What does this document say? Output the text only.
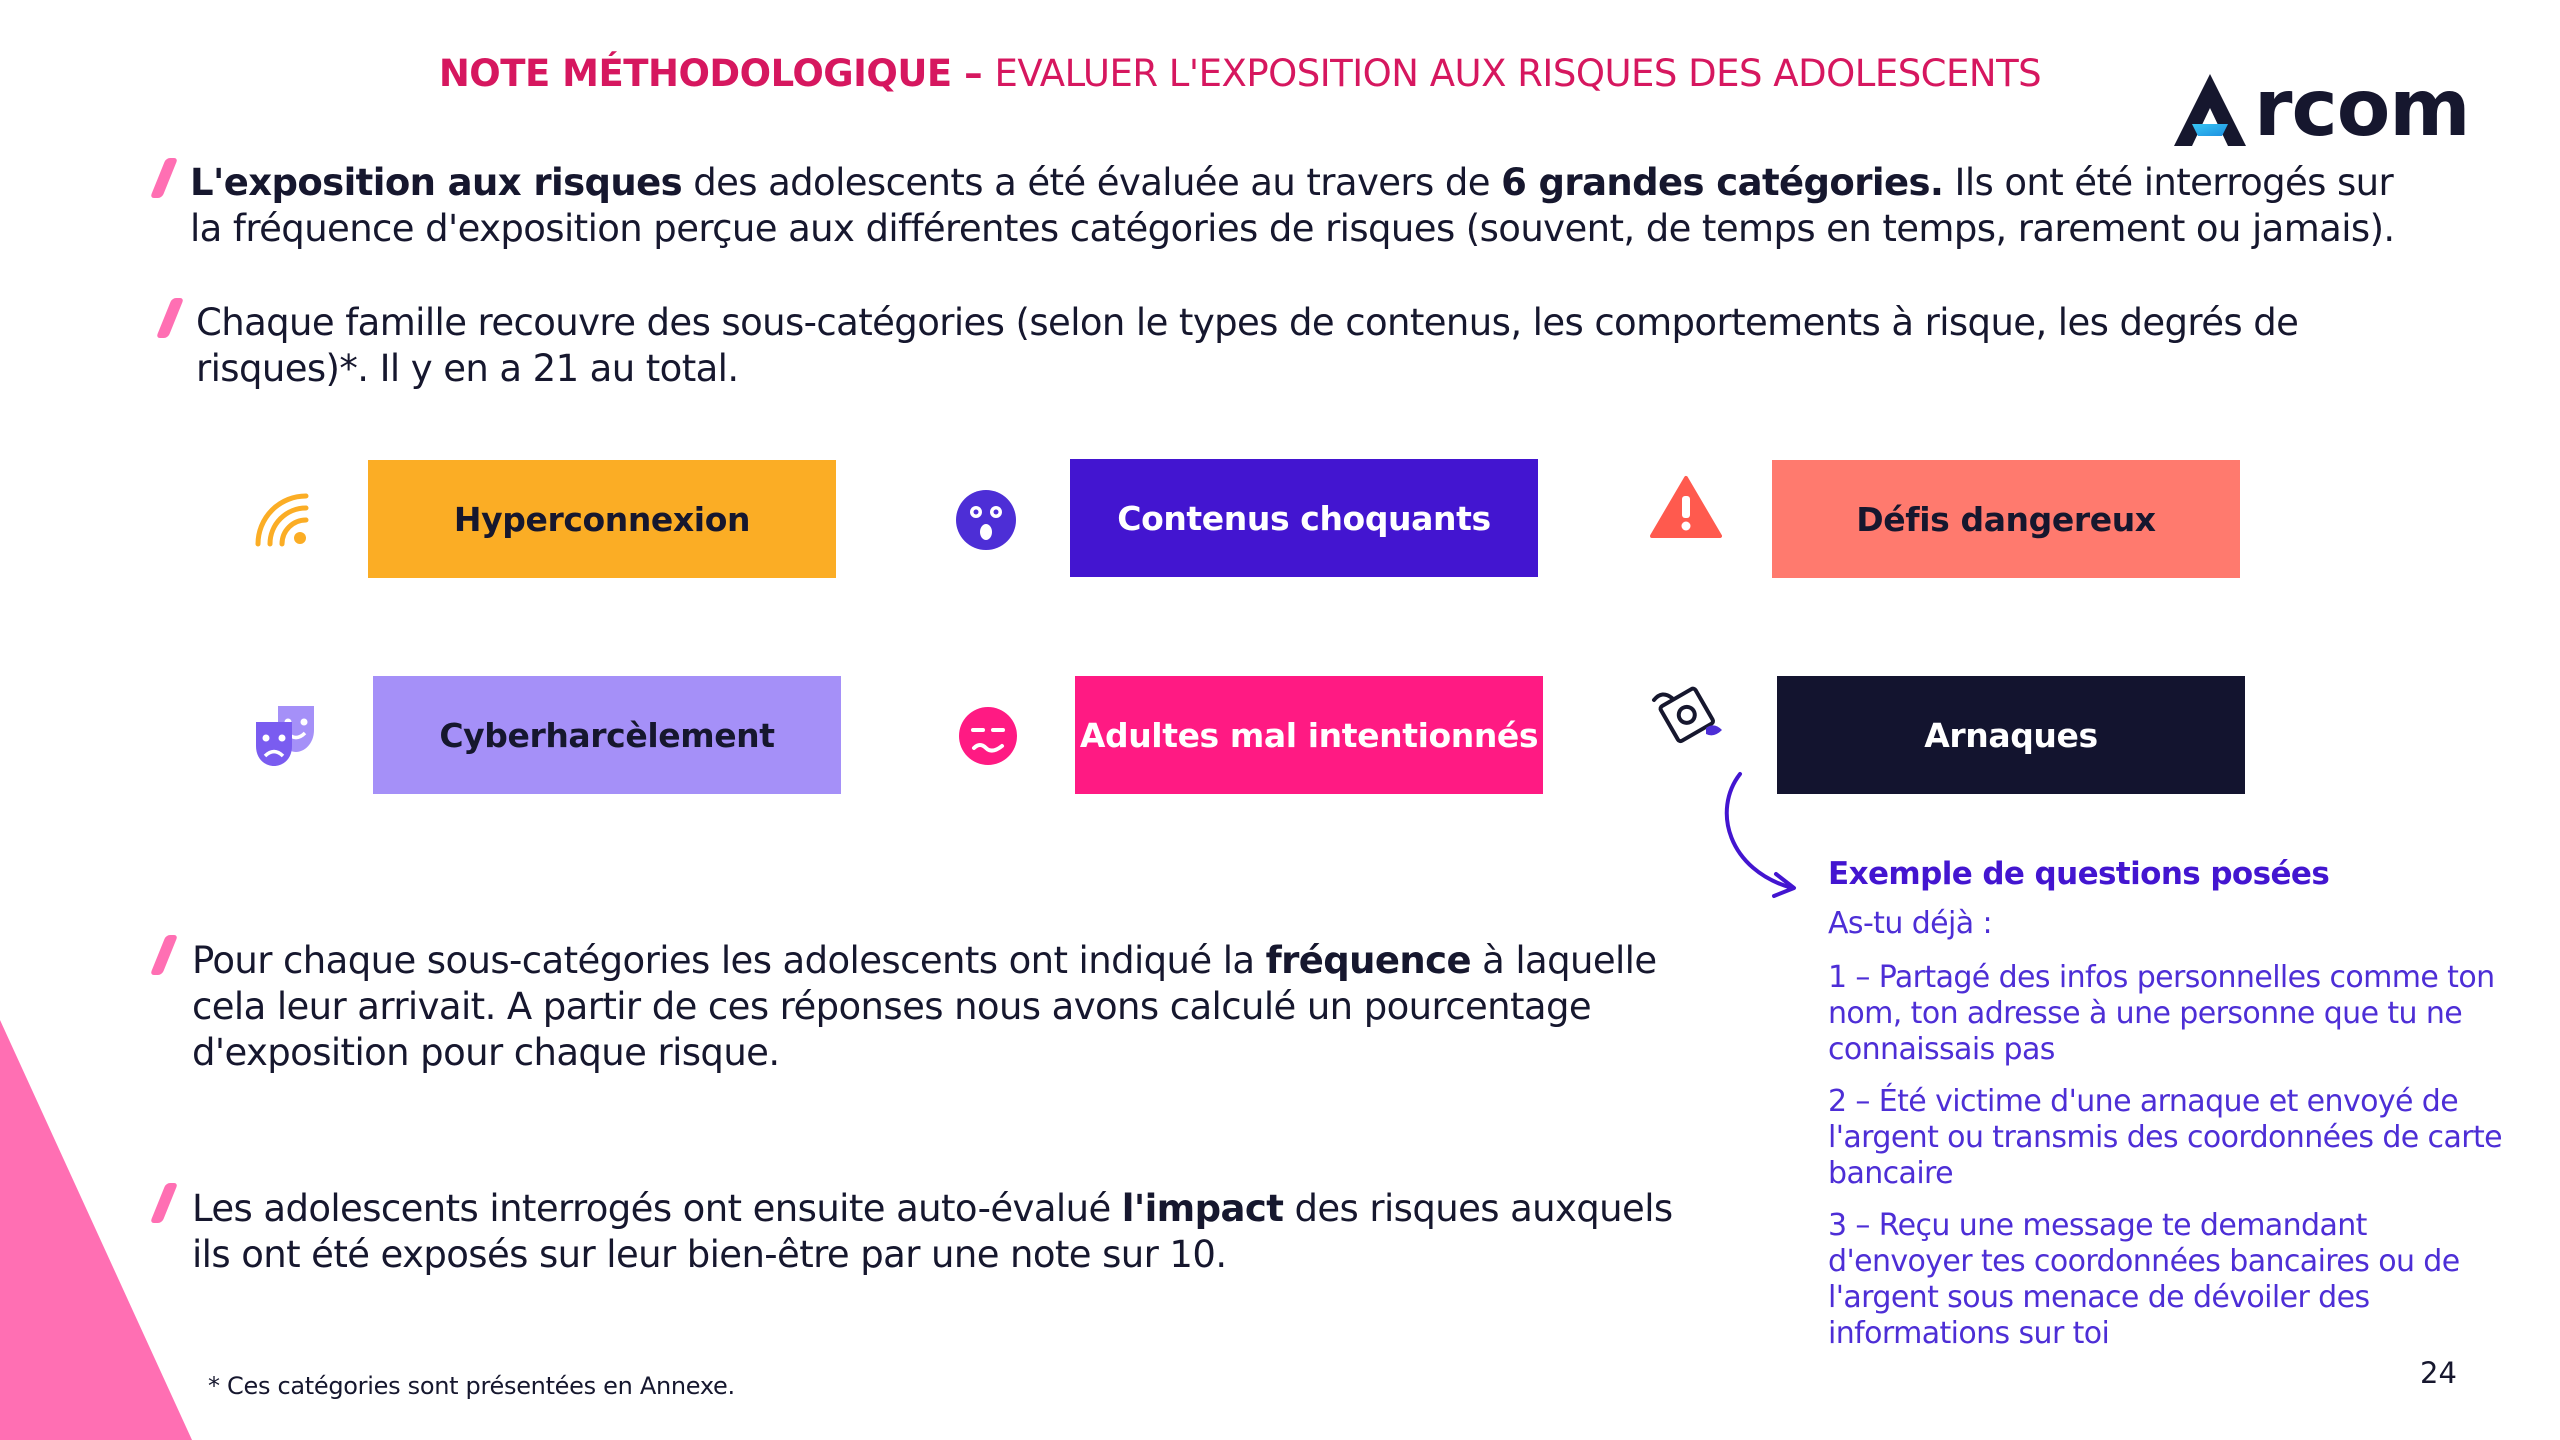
NOTE MÉTHODOLOGIQUE – EVALUER L'EXPOSITION AUX RISQUES DES ADOLESCENTS	rcom
L'exposition aux risques des adolescents a été évaluée au travers de 6 grandes catégories. Ils ont été interrogés sur la fréquence d'exposition perçue aux différentes catégories de risques (souvent, de temps en temps, rarement ou jamais).
Chaque famille recouvre des sous-catégories (selon le types de contenus, les comportements à risque, les degrés de risques)*. Il y en a 21 au total.
Hyperconnexion	Contenus choquants	Défis dangereux
Cyberharcèlement	Adultes mal intentionnés	Arnaques
Pour chaque sous-catégories les adolescents ont indiqué la fréquence à laquelle cela leur arrivait. A partir de ces réponses nous avons calculé un pourcentage d'exposition pour chaque risque.
Les adolescents interrogés ont ensuite auto-évalué l'impact des risques auxquels ils ont été exposés sur leur bien-être par une note sur 10.
Exemple de questions posées
As-tu déjà :
1 – Partagé des infos personnelles comme ton nom, ton adresse à une personne que tu ne connaissais pas
2 – Été victime d'une arnaque et envoyé de l'argent ou transmis des coordonnées de carte bancaire
3 – Reçu une message te demandant d'envoyer tes coordonnées bancaires ou de l'argent sous menace de dévoiler des informations sur toi
* Ces catégories sont présentées en Annexe.	24
